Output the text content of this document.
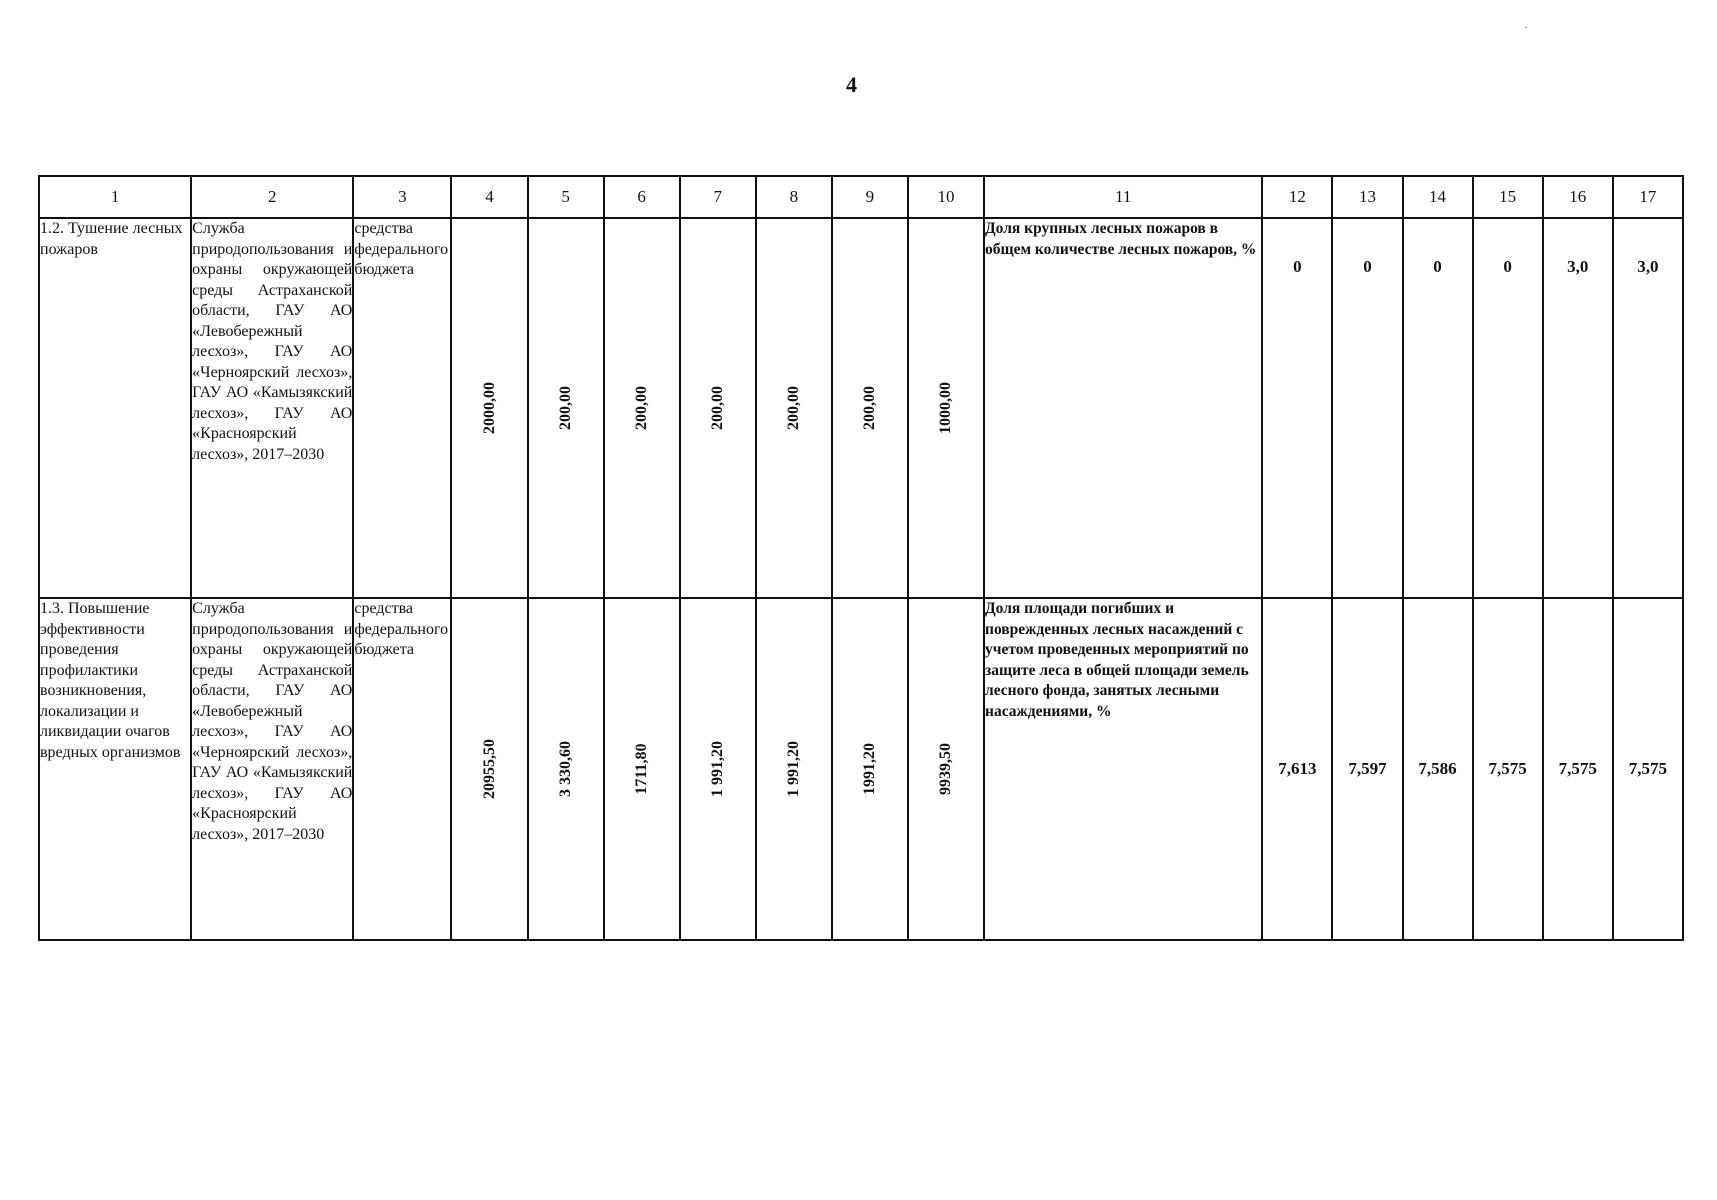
4
·
1	2	3	4	5	6	7	8	9	10	11	12	13	14	15	16	17
1.2. Тушение лесных пожаров	Служба природопользования и охраны окружающей среды Астраханской области, ГАУ АО «Левобережный лесхоз», ГАУ АО «Черноярский лесхоз», ГАУ АО «Камызякский лесхоз», ГАУ АО «Красноярский лесхоз», 2017–2030	средства федерального бюджета	2000,00	200,00	200,00	200,00	200,00	200,00	1000,00	Доля крупных лесных пожаров в общем количестве лесных пожаров, %	0	0	0	0	3,0	3,0
1.3. Повышение эффективности проведения профилактики возникновения, локализации и ликвидации очагов вредных организмов	Служба природопользования и охраны окружающей среды Астраханской области, ГАУ АО «Левобережный лесхоз», ГАУ АО «Черноярский лесхоз», ГАУ АО «Камызякский лесхоз», ГАУ АО «Красноярский лесхоз», 2017–2030	средства федерального бюджета	20955,50	3 330,60	1711,80	1 991,20	1 991,20	1991,20	9939,50	Доля площади погибших и поврежденных лесных насаждений с учетом проведенных мероприятий по защите леса в общей площади земель лесного фонда, занятых лесными насаждениями, %	7,613	7,597	7,586	7,575	7,575	7,575
